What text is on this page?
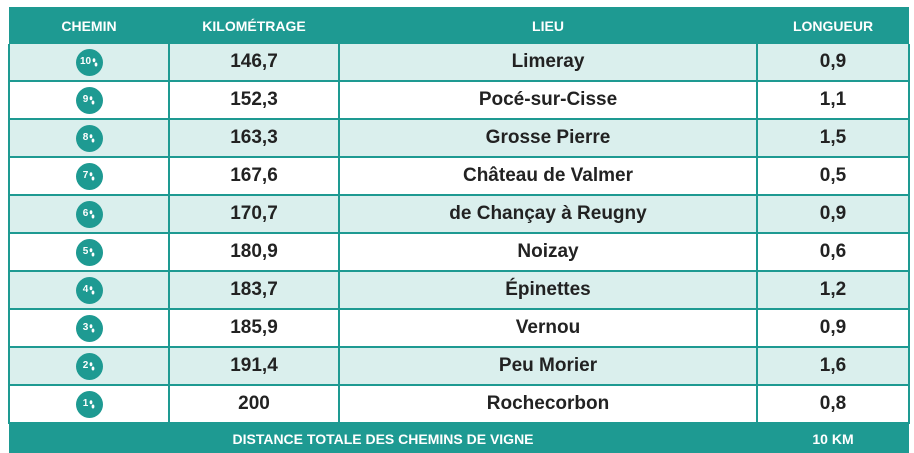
CHEMIN	KILOMÉTRAGE	LIEU	LONGUEUR

10	146,7	Limeray	0,9

9	152,3	Pocé-sur-Cisse	1,1

8	163,3	Grosse Pierre	1,5

7	167,6	Château de Valmer	0,5

6	170,7	de Chançay à Reugny	0,9

5	180,9	Noizay	0,6

4	183,7	Épinettes	1,2

3	185,9	Vernou	0,9

2	191,4	Peu Morier	1,6

1	200	Rochecorbon	0,8
DISTANCE TOTALE DES CHEMINS DE VIGNE			10 KM
